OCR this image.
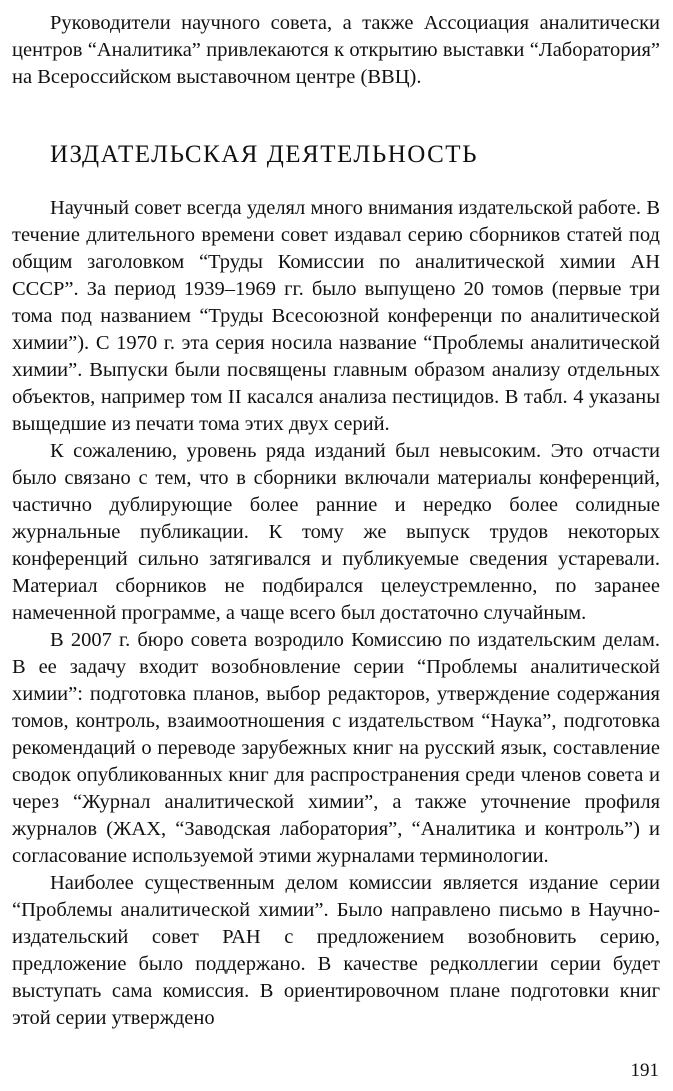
Руководители научного совета, а также Ассоциация аналитически центров “Аналитика” привлекаются к открытию выставки “Лаборатория” на Всероссийском выставочном центре (ВВЦ).

ИЗДАТЕЛЬСКАЯ ДЕЯТЕЛЬНОСТЬ

Научный совет всегда уделял много внимания издательской работе. В течение длительного времени совет издавал серию сборников статей под общим заголовком “Труды Комиссии по аналитической химии АН СССР”. За период 1939–1969 гг. было выпущено 20 томов (первые три тома под названием “Труды Всесоюзной конференци по аналитической химии”). С 1970 г. эта серия носила название “Проблемы аналитической химии”. Выпуски были посвящены главным образом анализу отдельных объектов, например том II касался анализа пестицидов. В табл. 4 указаны выщедшие из печати тома этих двух серий.

К сожалению, уровень ряда изданий был невысоким. Это отчасти было связано с тем, что в сборники включали материалы конференций, частично дублирующие более ранние и нередко более солидные журнальные публикации. К тому же выпуск трудов некоторых конференций сильно затягивался и публикуемые сведения устаревали. Материал сборников не подбирался целеустремленно, по заранее намеченной программе, а чаще всего был достаточно случайным.

В 2007 г. бюро совета возродило Комиссию по издательским делам. В ее задачу входит возобновление серии “Проблемы аналитической химии”: подготовка планов, выбор редакторов, утверждение содержания томов, контроль, взаимоотношения с издательством “Наука”, подготовка рекомендаций о переводе зарубежных книг на русский язык, составление сводок опубликованных книг для распространения среди членов совета и через “Журнал аналитической химии”, а также уточнение профиля журналов (ЖАХ, “Заводская лаборатория”, “Аналитика и контроль”) и согласование используемой этими журналами терминологии.

Наиболее существенным делом комиссии является издание серии “Проблемы аналитической химии”. Было направлено письмо в Научно-издательский совет РАН с предложением возобновить серию, предложение было поддержано. В качестве редколлегии серии будет выступать сама комиссия. В ориентировочном плане подготовки книг этой серии утверждено

191
